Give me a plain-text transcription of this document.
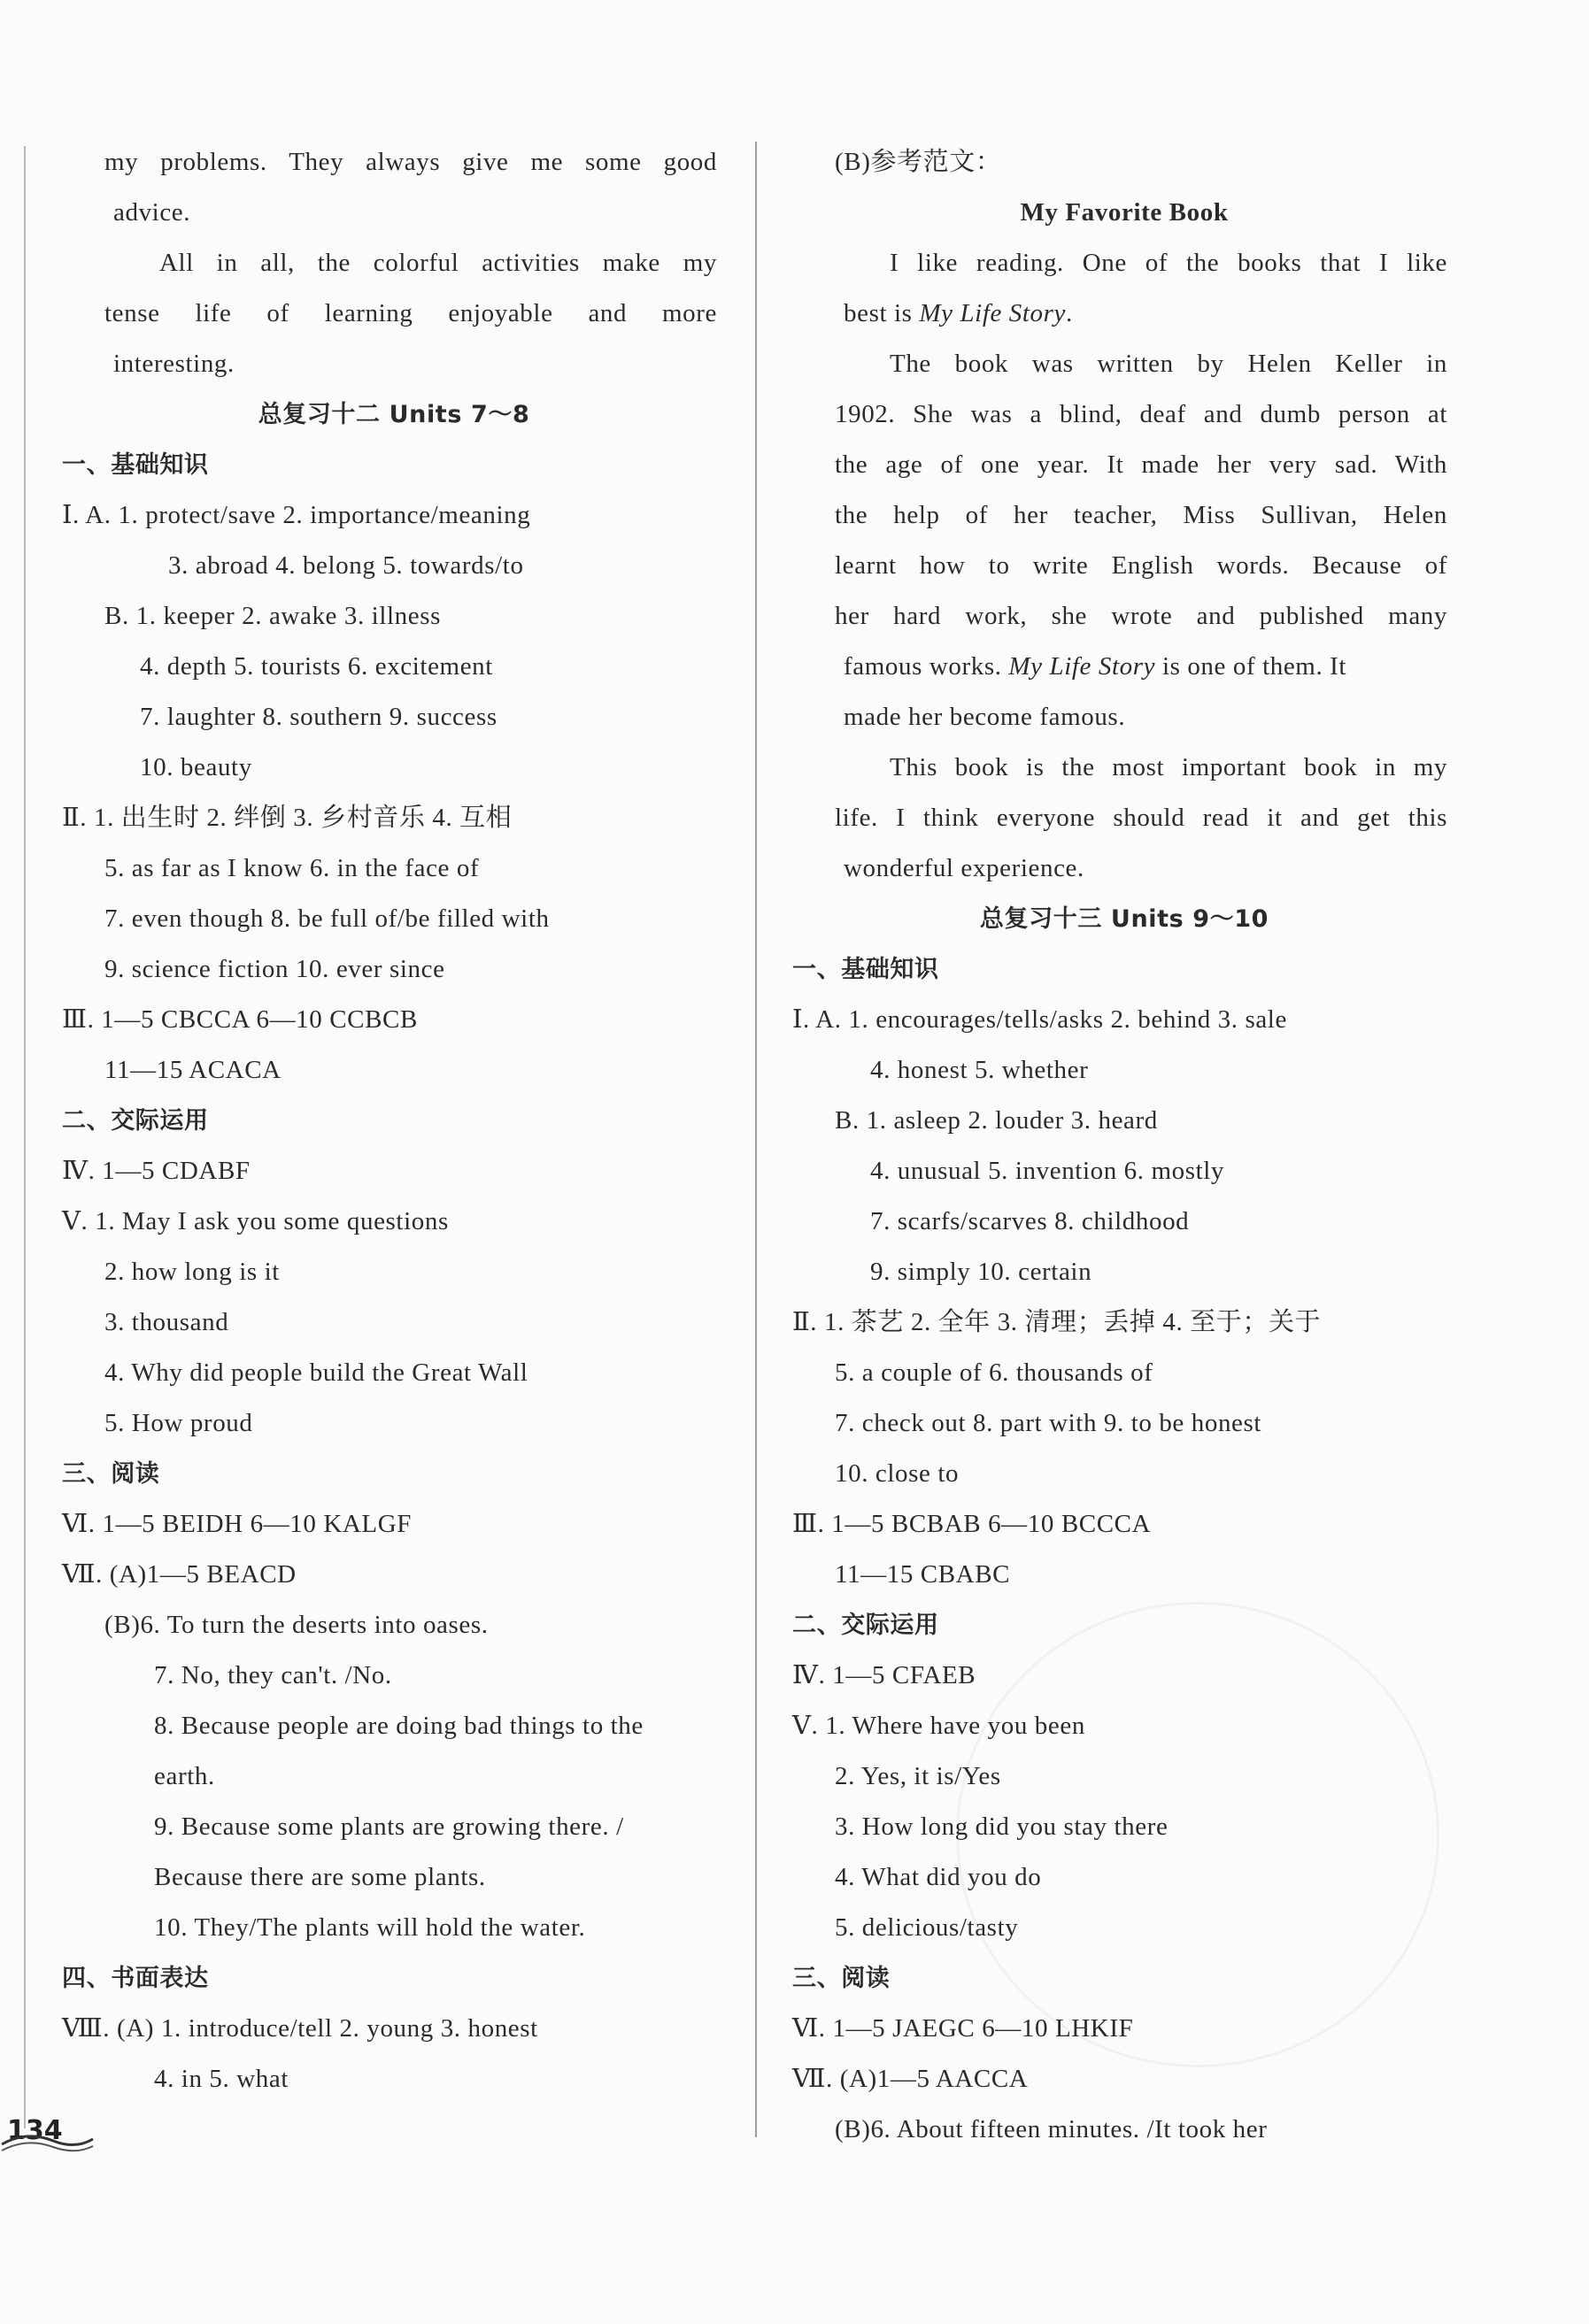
my problems. They always give me some good
advice.
All in all, the colorful activities make my
tense life of learning enjoyable and more
interesting.
总复习十二 Units 7～8
一、基础知识
Ⅰ. A. 1. protect/save 2. importance/meaning
3. abroad 4. belong 5. towards/to
B. 1. keeper 2. awake 3. illness
4. depth 5. tourists 6. excitement
7. laughter 8. southern 9. success
10. beauty
Ⅱ. 1. 出生时 2. 绊倒 3. 乡村音乐 4. 互相
5. as far as I know 6. in the face of
7. even though 8. be full of/be filled with
9. science fiction 10. ever since
Ⅲ. 1—5 CBCCA 6—10 CCBCB
11—15 ACACA
二、交际运用
Ⅳ. 1—5 CDABF
Ⅴ. 1. May I ask you some questions
2. how long is it
3. thousand
4. Why did people build the Great Wall
5. How proud
三、阅读
Ⅵ. 1—5 BEIDH 6—10 KALGF
Ⅶ. (A)1—5 BEACD
(B)6. To turn the deserts into oases.
7. No, they can't. /No.
8. Because people are doing bad things to the
earth.
9. Because some plants are growing there. /
Because there are some plants.
10. They/The plants will hold the water.
四、书面表达
Ⅷ. (A) 1. introduce/tell 2. young 3. honest
4. in 5. what
(B)参考范文：
My Favorite Book
I like reading. One of the books that I like
best is My Life Story.
The book was written by Helen Keller in
1902. She was a blind, deaf and dumb person at
the age of one year. It made her very sad. With
the help of her teacher, Miss Sullivan, Helen
learnt how to write English words. Because of
her hard work, she wrote and published many
famous works. My Life Story is one of them. It
made her become famous.
This book is the most important book in my
life. I think everyone should read it and get this
wonderful experience.
总复习十三 Units 9～10
一、基础知识
Ⅰ. A. 1. encourages/tells/asks 2. behind 3. sale
4. honest 5. whether
B. 1. asleep 2. louder 3. heard
4. unusual 5. invention 6. mostly
7. scarfs/scarves 8. childhood
9. simply 10. certain
Ⅱ. 1. 茶艺 2. 全年 3. 清理；丢掉 4. 至于；关于
5. a couple of 6. thousands of
7. check out 8. part with 9. to be honest
10. close to
Ⅲ. 1—5 BCBAB 6—10 BCCCA
11—15 CBABC
二、交际运用
Ⅳ. 1—5 CFAEB
Ⅴ. 1. Where have you been
2. Yes, it is/Yes
3. How long did you stay there
4. What did you do
5. delicious/tasty
三、阅读
Ⅵ. 1—5 JAEGC 6—10 LHKIF
Ⅶ. (A)1—5 AACCA
(B)6. About fifteen minutes. /It took her
134
